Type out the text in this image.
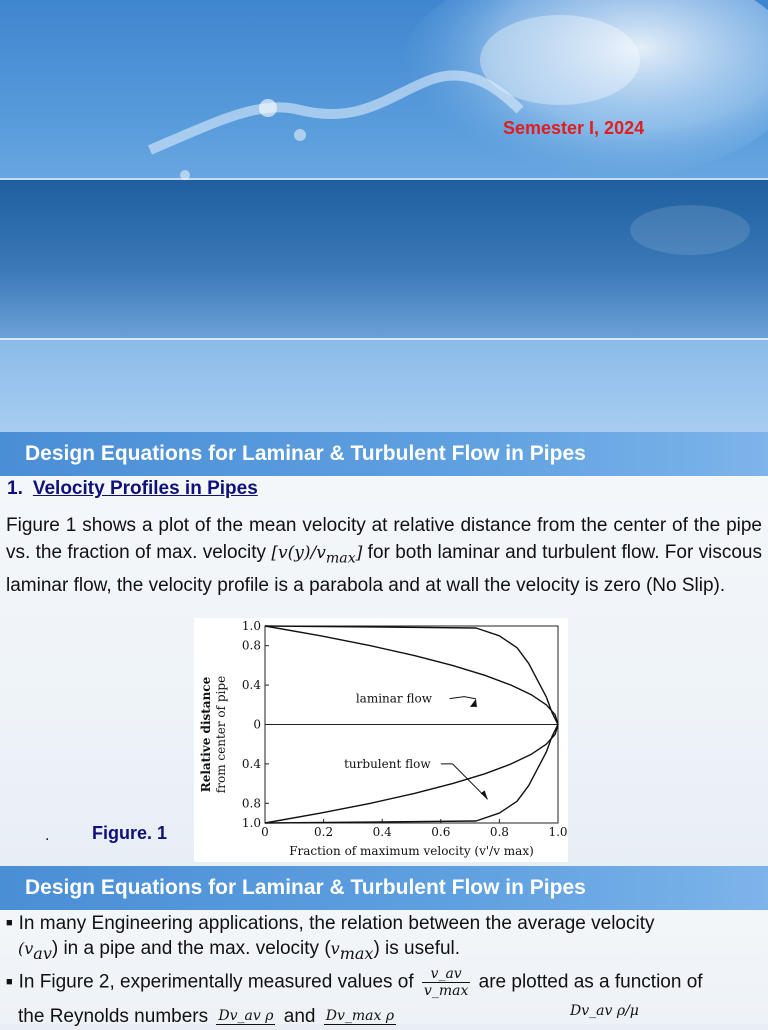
Semester I, 2024
Design Equations for Laminar & Turbulent Flow in Pipes
1. Velocity Profiles in Pipes
Figure 1 shows a plot of the mean velocity at relative distance from the center of the pipe vs. the fraction of max. velocity $[v(y)/v_{max}]$ for both laminar and turbulent flow. For viscous laminar flow, the velocity profile is a parabola and at wall the velocity is zero (No Slip).
0	0.2	0.4	0.6	0.8	1.0
1.0
0.8
0.4
0
0.4
0.8
1.0
laminar flow
turbulent flow
Fraction of maximum velocity (v'/v max)
Relative distance from center of pipe
. Figure. 1
Design Equations for Laminar & Turbulent Flow in Pipes
■ In many Engineering applications, the relation between the average velocity
$(v_{av})$ in a pipe and the max. velocity $(v_{max})$ is useful.
■ In Figure 2, experimentally measured values of $\frac{v\_av}{v\_\max}$ are plotted as a function of
the Reynolds numbers Dv_av ρ and Dv_max ρ	Dv_av ρ/μ
